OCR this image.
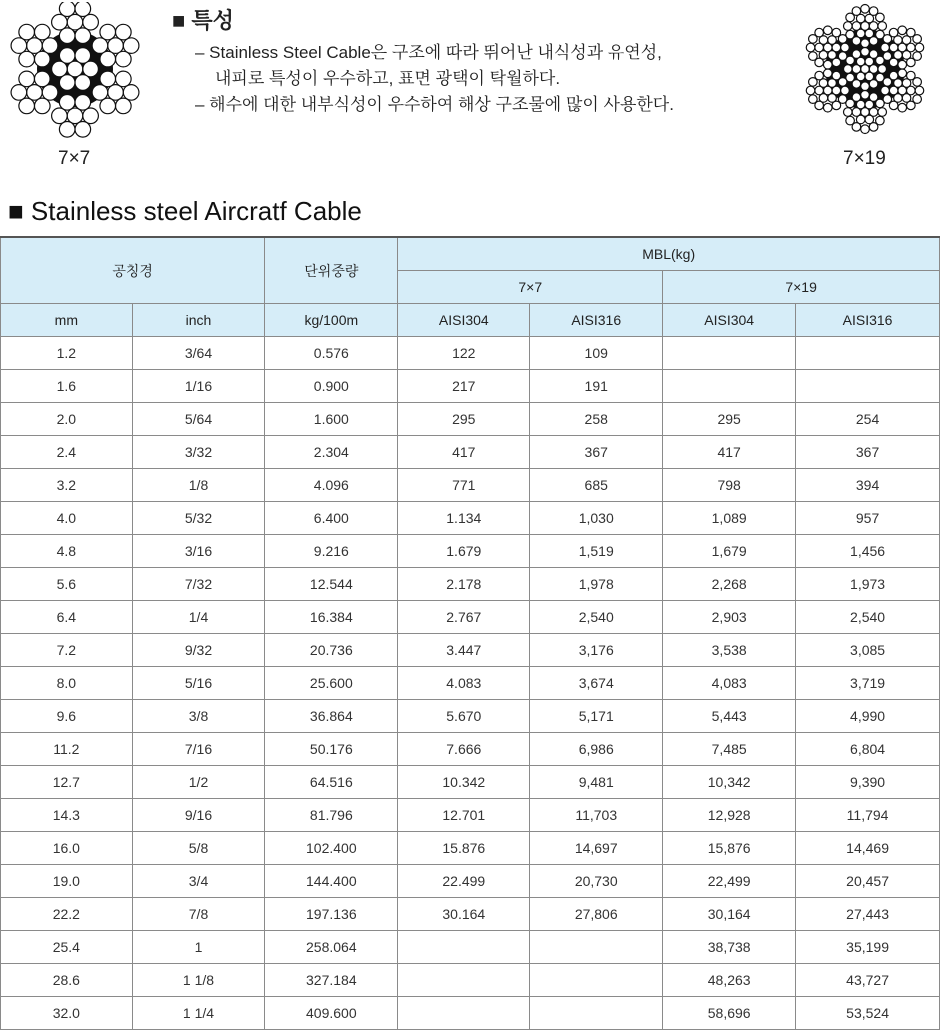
7×7	7×19
■ 특성
– Stainless Steel Cable은 구조에 따라 뛰어난 내식성과 유연성,
내피로 특성이 우수하고, 표면 광택이 탁월하다.
– 해수에 대한 내부식성이 우수하여 해상 구조물에 많이 사용한다.
■ Stainless steel Aircratf Cable
공칭경		단위중량	MBL(kg)			
			7×7		7×19	
mm	inch	kg/100m	AISI304	AISI316	AISI304	AISI316
1.2	3/64	0.576	122	109		
1.6	1/16	0.900	217	191		
2.0	5/64	1.600	295	258	295	254
2.4	3/32	2.304	417	367	417	367
3.2	1/8	4.096	771	685	798	394
4.0	5/32	6.400	1.134	1,030	1,089	957
4.8	3/16	9.216	1.679	1,519	1,679	1,456
5.6	7/32	12.544	2.178	1,978	2,268	1,973
6.4	1/4	16.384	2.767	2,540	2,903	2,540
7.2	9/32	20.736	3.447	3,176	3,538	3,085
8.0	5/16	25.600	4.083	3,674	4,083	3,719
9.6	3/8	36.864	5.670	5,171	5,443	4,990
11.2	7/16	50.176	7.666	6,986	7,485	6,804
12.7	1/2	64.516	10.342	9,481	10,342	9,390
14.3	9/16	81.796	12.701	11,703	12,928	11,794
16.0	5/8	102.400	15.876	14,697	15,876	14,469
19.0	3/4	144.400	22.499	20,730	22,499	20,457
22.2	7/8	197.136	30.164	27,806	30,164	27,443
25.4	1	258.064			38,738	35,199
28.6	1 1/8	327.184			48,263	43,727
32.0	1 1/4	409.600			58,696	53,524
